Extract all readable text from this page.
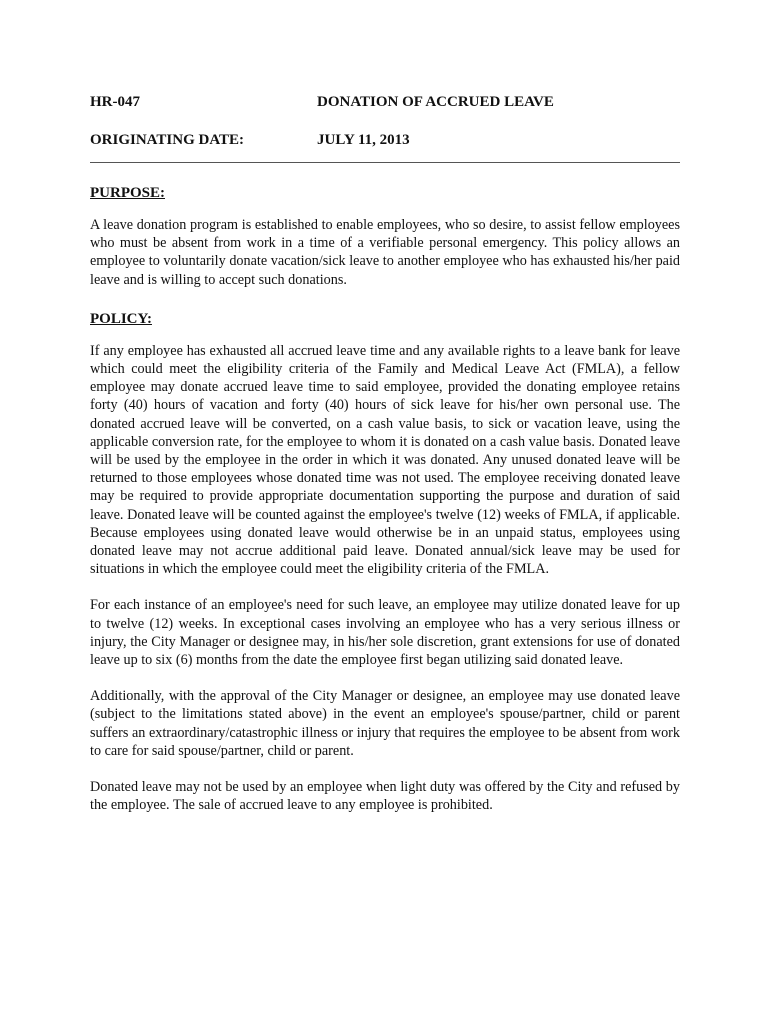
HR-047	DONATION OF ACCRUED LEAVE
ORIGINATING DATE:	JULY 11, 2013
PURPOSE:

A leave donation program is established to enable employees, who so desire, to assist fellow employees who must be absent from work in a time of a verifiable personal emergency. This policy allows an employee to voluntarily donate vacation/sick leave to another employee who has exhausted his/her paid leave and is willing to accept such donations.

POLICY:

If any employee has exhausted all accrued leave time and any available rights to a leave bank for leave which could meet the eligibility criteria of the Family and Medical Leave Act (FMLA), a fellow employee may donate accrued leave time to said employee, provided the donating employee retains forty (40) hours of vacation and forty (40) hours of sick leave for his/her own personal use. The donated accrued leave will be converted, on a cash value basis, to sick or vacation leave, using the applicable conversion rate, for the employee to whom it is donated on a cash value basis. Donated leave will be used by the employee in the order in which it was donated. Any unused donated leave will be returned to those employees whose donated time was not used. The employee receiving donated leave may be required to provide appropriate documentation supporting the purpose and duration of said leave. Donated leave will be counted against the employee's twelve (12) weeks of FMLA, if applicable. Because employees using donated leave would otherwise be in an unpaid status, employees using donated leave may not accrue additional paid leave. Donated annual/sick leave may be used for situations in which the employee could meet the eligibility criteria of the FMLA.

For each instance of an employee's need for such leave, an employee may utilize donated leave for up to twelve (12) weeks. In exceptional cases involving an employee who has a very serious illness or injury, the City Manager or designee may, in his/her sole discretion, grant extensions for use of donated leave up to six (6) months from the date the employee first began utilizing said donated leave.

Additionally, with the approval of the City Manager or designee, an employee may use donated leave (subject to the limitations stated above) in the event an employee's spouse/partner, child or parent suffers an extraordinary/catastrophic illness or injury that requires the employee to be absent from work to care for said spouse/partner, child or parent.

Donated leave may not be used by an employee when light duty was offered by the City and refused by the employee. The sale of accrued leave to any employee is prohibited.
